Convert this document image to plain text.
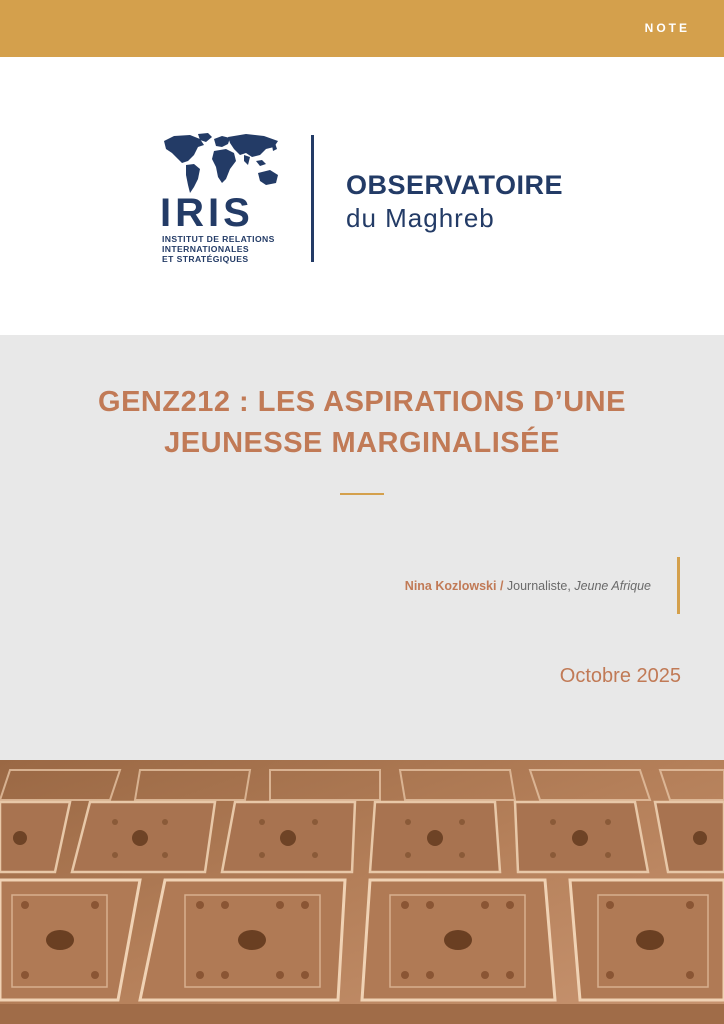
NOTE
IRIS
INSTITUT DE RELATIONS
INTERNATIONALES
ET STRATÉGIQUES
OBSERVATOIRE
du Maghreb
GENZ212 : LES ASPIRATIONS D’UNE
JEUNESSE MARGINALISÉE
Nina Kozlowski / Journaliste, Jeune Afrique
Octobre 2025
